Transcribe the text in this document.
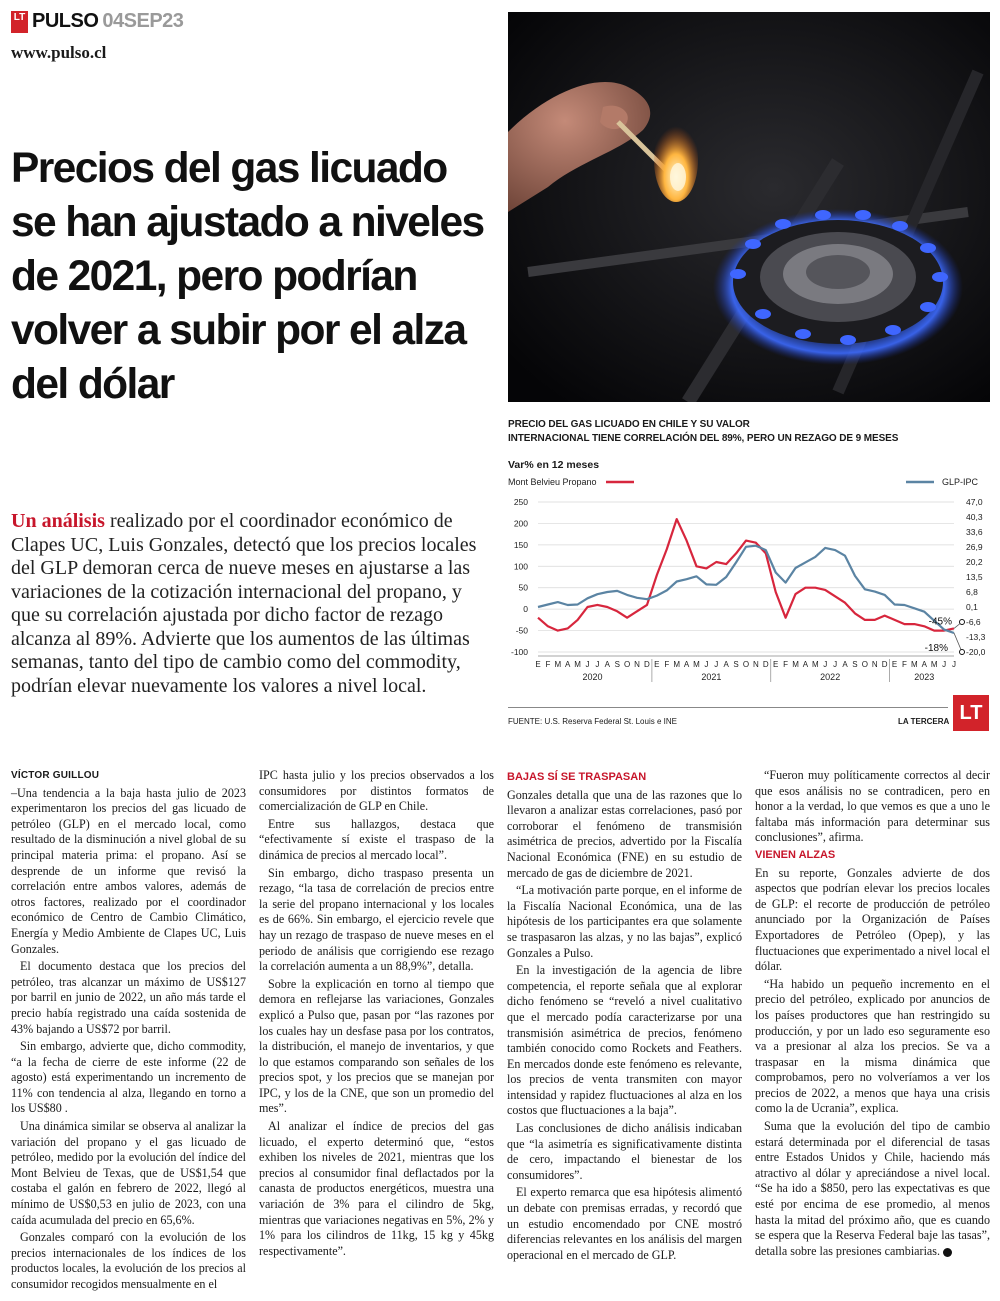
LT PULSO 04SEP23
www.pulso.cl
Precios del gas licuado se han ajustado a niveles de 2021, pero podrían volver a subir por el alza del dólar

Un análisis realizado por el coordinador económico de Clapes UC, Luis Gonzales, detectó que los precios locales del GLP demoran cerca de nueve meses en ajustarse a las variaciones de la cotización internacional del propano, y que su correlación ajustada por dicho factor de rezago alcanza al 89%. Advierte que los aumentos de las últimas semanas, tanto del tipo de cambio como del commodity, podrían elevar nuevamente los valores a nivel local.

PRECIO DEL GAS LICUADO EN CHILE Y SU VALOR
INTERNACIONAL TIENE CORRELACIÓN DEL 89%, PERO UN REZAGO DE 9 MESES
Var% en 12 meses
250
200
150
100
50
0
-50
-100
47,0
40,3
33,6
26,9
20,2
13,5
6,8
0,1
-6,6
-13,3
-20,0
E F M A M J J A S O N D E F M A M J J A S O N D E F M A M J J A S O N D E F M A M J J
2020	2021	2022	2023
Mont Belvieu Propano	GLP-IPC
-45%
-18%
FUENTE: U.S. Reserva Federal St. Louis e INE	LA TERCERA LT
VÍCTOR GUILLOU

–Una tendencia a la baja hasta julio de 2023 experimentaron los precios del gas licuado de petróleo (GLP) en el mercado local, como resultado de la disminución a nivel global de su principal materia prima: el propano. Así se desprende de un informe que revisó la correlación entre ambos valores, además de otros factores, realizado por el coordinador económico de Centro de Cambio Climático, Energía y Medio Ambiente de Clapes UC, Luis Gonzales.

El documento destaca que los precios del petróleo, tras alcanzar un máximo de US$127 por barril en junio de 2022, un año más tarde el precio había registrado una caída sostenida de 43% bajando a US$72 por barril.

Sin embargo, advierte que, dicho commodity, “a la fecha de cierre de este informe (22 de agosto) está experimentando un incremento de 11% con tendencia al alza, llegando en torno a los US$80 .

Una dinámica similar se observa al analizar la variación del propano y el gas licuado de petróleo, medido por la evolución del índice del Mont Belvieu de Texas, que de US$1,54 que costaba el galón en febrero de 2022, llegó al mínimo de US$0,53 en julio de 2023, con una caída acumulada del precio en 65,6%.

Gonzales comparó con la evolución de los precios internacionales de los índices de los productos locales, la evolución de los precios al consumidor recogidos mensualmente en el

IPC hasta julio y los precios observados a los consumidores por distintos formatos de comercialización de GLP en Chile.

Entre sus hallazgos, destaca que “efectivamente sí existe el traspaso de la dinámica de precios al mercado local”.

Sin embargo, dicho traspaso presenta un rezago, “la tasa de correlación de precios entre la serie del propano internacional y los locales es de 66%. Sin embargo, el ejercicio revele que hay un rezago de traspaso de nueve meses en el periodo de análisis que corrigiendo ese rezago la correlación aumenta a un 88,9%”, detalla.

Sobre la explicación en torno al tiempo que demora en reflejarse las variaciones, Gonzales explicó a Pulso que, pasan por “las razones por los cuales hay un desfase pasa por los contratos, la distribución, el manejo de inventarios, y que lo que estamos comparando son señales de los precios spot, y los precios que se manejan por IPC, y los de la CNE, que son un promedio del mes”.

Al analizar el índice de precios del gas licuado, el experto determinó que, “estos exhiben los niveles de 2021, mientras que los precios al consumidor final deflactados por la canasta de productos energéticos, muestra una variación de 3% para el cilindro de 5kg, mientras que variaciones negativas en 5%, 2% y 1% para los cilindros de 11kg, 15 kg y 45kg respectivamente”.

BAJAS SÍ SE TRASPASAN

Gonzales detalla que una de las razones que lo llevaron a analizar estas correlaciones, pasó por corroborar el fenómeno de transmisión asimétrica de precios, advertido por la Fiscalía Nacional Económica (FNE) en su estudio de mercado de gas de diciembre de 2021.

“La motivación parte porque, en el informe de la Fiscalía Nacional Económica, una de las hipótesis de los participantes era que solamente se traspasaron las alzas, y no las bajas”, explicó Gonzales a Pulso.

En la investigación de la agencia de libre competencia, el reporte señala que al explorar dicho fenómeno se “reveló a nivel cualitativo que el mercado podía caracterizarse por una transmisión asimétrica de precios, fenómeno también conocido como Rockets and Feathers. En mercados donde este fenómeno es relevante, los precios de venta transmiten con mayor intensidad y rapidez fluctuaciones al alza en los costos que fluctuaciones a la baja”.

Las conclusiones de dicho análisis indicaban que “la asimetría es significativamente distinta de cero, impactando el bienestar de los consumidores”.

El experto remarca que esa hipótesis alimentó un debate con premisas erradas, y recordó que un estudio encomendado por CNE mostró diferencias relevantes en los análisis del margen operacional en el mercado de GLP.

“Fueron muy políticamente correctos al decir que esos análisis no se contradicen, pero en honor a la verdad, lo que vemos es que a uno le faltaba más información para determinar sus conclusiones”, afirma.

VIENEN ALZAS

En su reporte, Gonzales advierte de dos aspectos que podrían elevar los precios locales de GLP: el recorte de producción de petróleo anunciado por la Organización de Países Exportadores de Petróleo (Opep), y las fluctuaciones que experimentado a nivel local el dólar.

“Ha habido un pequeño incremento en el precio del petróleo, explicado por anuncios de los países productores que han restringido su producción, y por un lado eso seguramente eso va a presionar al alza los precios. Se va a traspasar en la misma dinámica que comprobamos, pero no volveríamos a ver los precios de 2022, a menos que haya una crisis como la de Ucrania”, explica.

Suma que la evolución del tipo de cambio estará determinada por el diferencial de tasas entre Estados Unidos y Chile, haciendo más atractivo al dólar y apreciándose a nivel local. “Se ha ido a $850, pero las expectativas es que esté por encima de ese promedio, al menos hasta la mitad del próximo año, que es cuando se espera que la Reserva Federal baje las tasas”, detalla sobre las presiones cambiarias.
